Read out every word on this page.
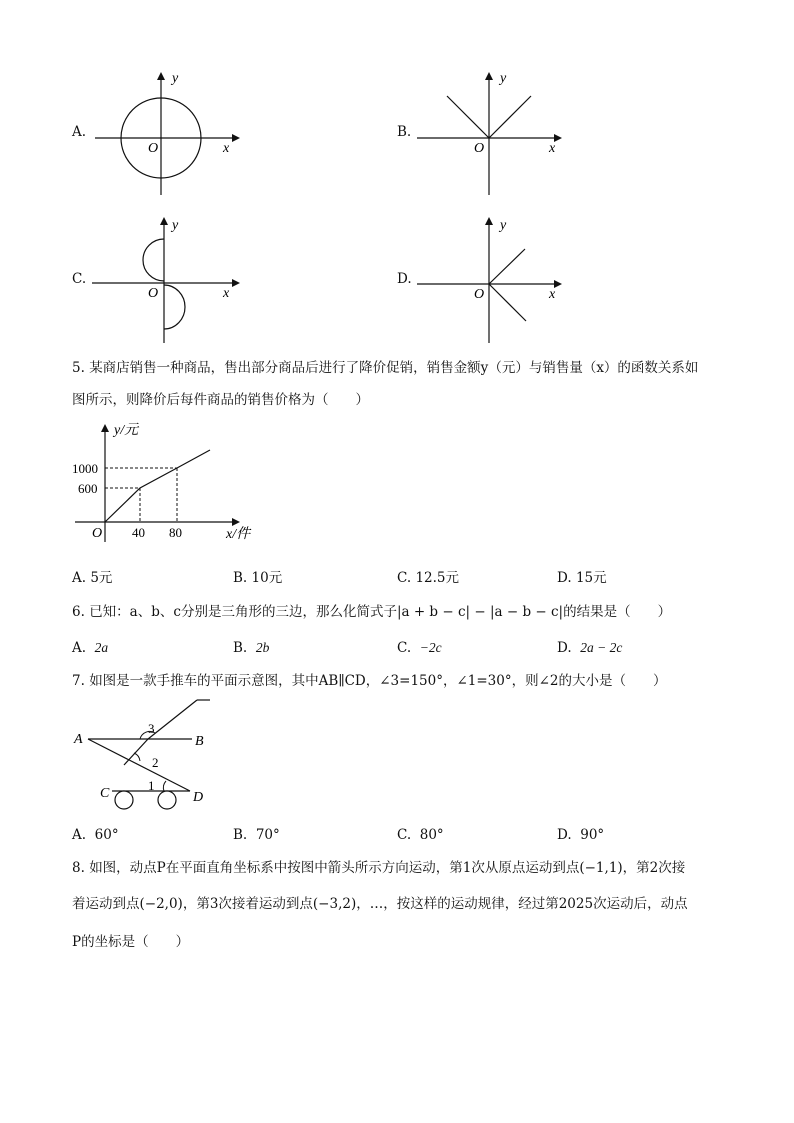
A.
y
x
O
B.
y
x
O
C.
y
x
O
D.
y
x
O
5. 某商店销售一种商品，售出部分商品后进行了降价促销，销售金额y（元）与销售量（x）的函数关系如
图所示，则降价后每件商品的销售价格为（　　）
y/元
x/件
O
1000
600
40 80
A. 5元	B. 10元	C. 12.5元	D. 15元
6. 已知：a、b、c分别是三角形的三边，那么化简式子|a + b − c| − |a − b − c|的结果是（　　）
A. 2a	B. 2b	C. −2c	D. 2a − 2c
7. 如图是一款手推车的平面示意图，其中AB∥CD，∠3=150°，∠1=30°，则∠2的大小是（　　）
A	B
C	D
1
2
3
A. 60°	B. 70°	C. 80°	D. 90°
8. 如图，动点P在平面直角坐标系中按图中箭头所示方向运动，第1次从原点运动到点(−1,1)，第2次接
着运动到点(−2,0)，第3次接着运动到点(−3,2)，…，按这样的运动规律，经过第2025次运动后，动点
P的坐标是（　　）
